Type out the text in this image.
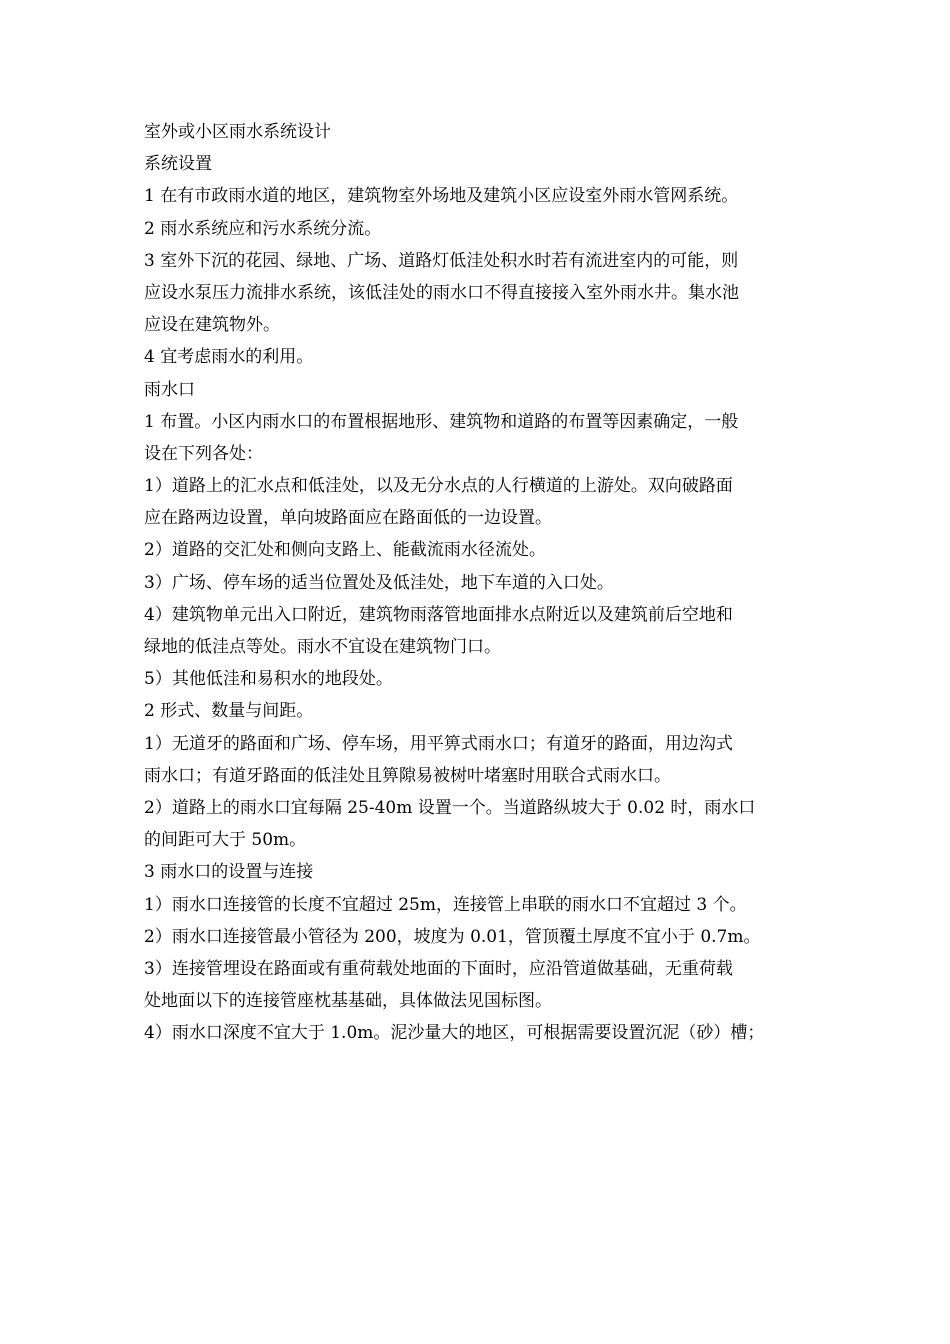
室外或小区雨水系统设计
系统设置
1 在有市政雨水道的地区，建筑物室外场地及建筑小区应设室外雨水管网系统。
2 雨水系统应和污水系统分流。
3 室外下沉的花园、绿地、广场、道路灯低洼处积水时若有流进室内的可能，则
应设水泵压力流排水系统，该低洼处的雨水口不得直接接入室外雨水井。集水池
应设在建筑物外。
4 宜考虑雨水的利用。
雨水口
1 布置。小区内雨水口的布置根据地形、建筑物和道路的布置等因素确定，一般
设在下列各处：
1）道路上的汇水点和低洼处，以及无分水点的人行横道的上游处。双向破路面
应在路两边设置，单向坡路面应在路面低的一边设置。
2）道路的交汇处和侧向支路上、能截流雨水径流处。
3）广场、停车场的适当位置处及低洼处，地下车道的入口处。
4）建筑物单元出入口附近，建筑物雨落管地面排水点附近以及建筑前后空地和
绿地的低洼点等处。雨水不宜设在建筑物门口。
5）其他低洼和易积水的地段处。
2 形式、数量与间距。
1）无道牙的路面和广场、停车场，用平箅式雨水口；有道牙的路面，用边沟式
雨水口；有道牙路面的低洼处且箅隙易被树叶堵塞时用联合式雨水口。
2）道路上的雨水口宜每隔 25-40m 设置一个。当道路纵坡大于 0.02 时，雨水口
的间距可大于 50m。
3 雨水口的设置与连接
1）雨水口连接管的长度不宜超过 25m，连接管上串联的雨水口不宜超过 3 个。
2）雨水口连接管最小管径为 200，坡度为 0.01，管顶覆土厚度不宜小于 0.7m。
3）连接管埋设在路面或有重荷载处地面的下面时，应沿管道做基础，无重荷载
处地面以下的连接管座枕基基础，具体做法见国标图。
4）雨水口深度不宜大于 1.0m。泥沙量大的地区，可根据需要设置沉泥（砂）槽；
